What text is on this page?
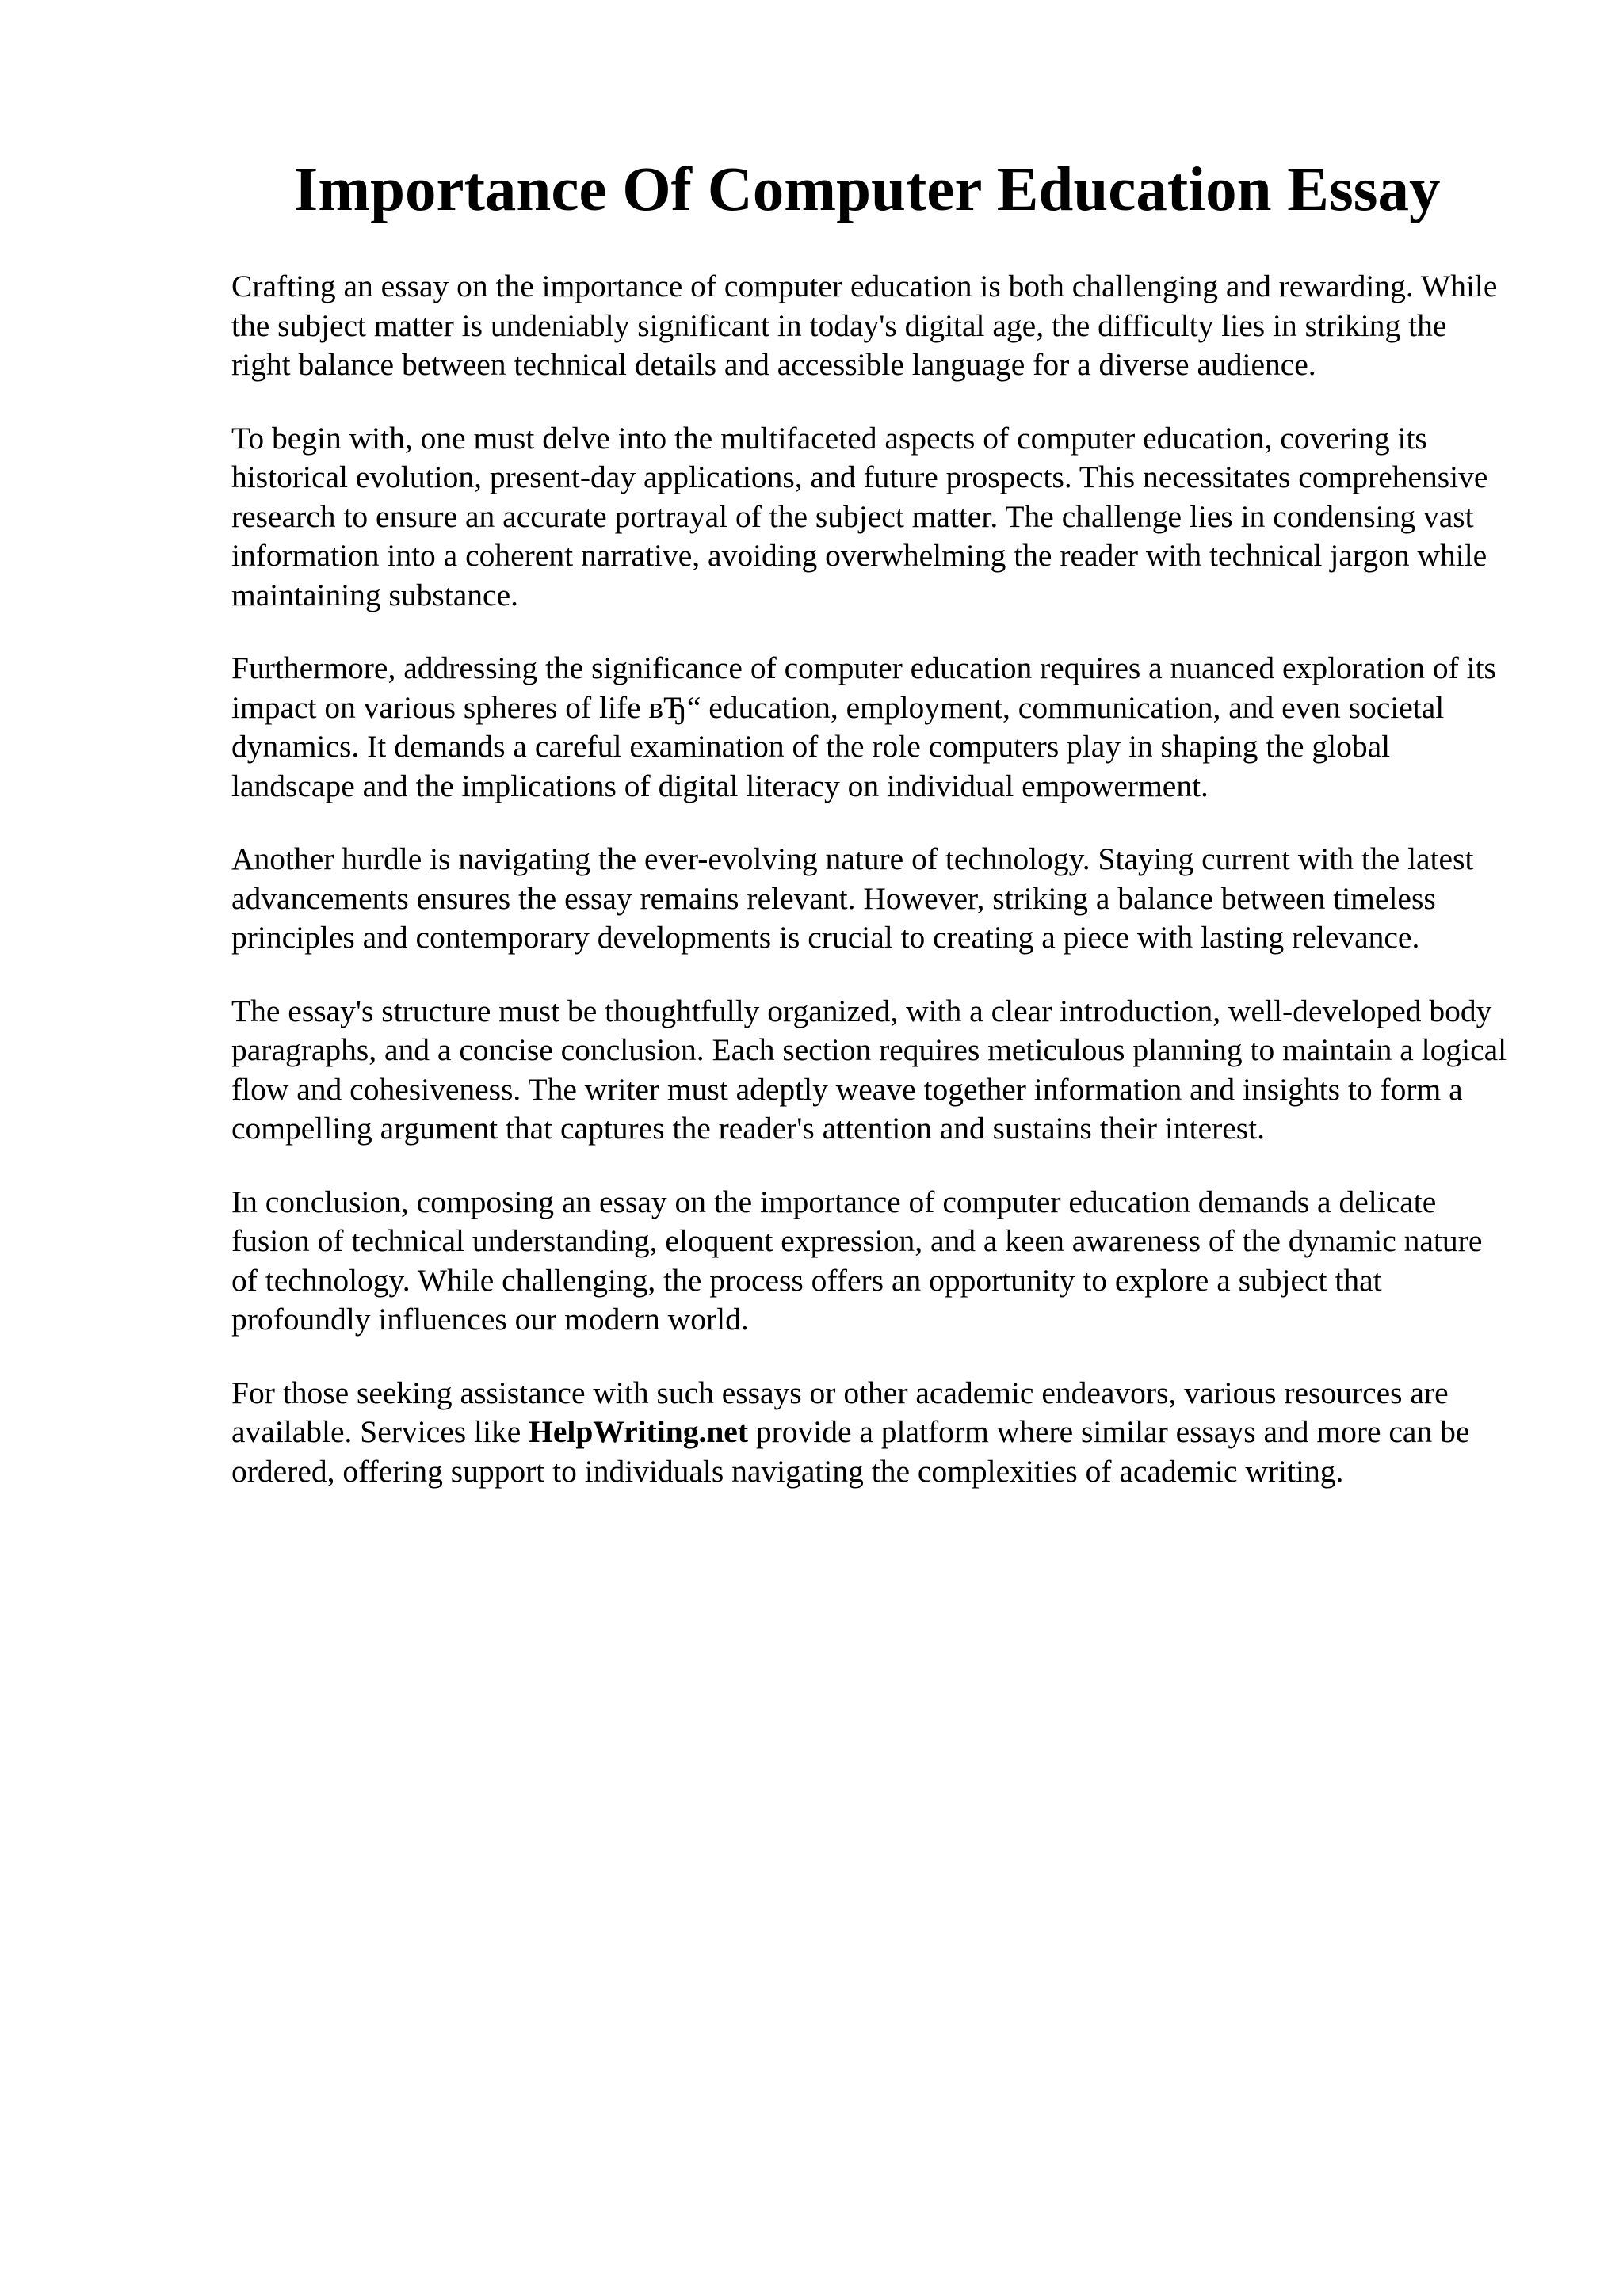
Importance Of Computer Education Essay

Crafting an essay on the importance of computer education is both challenging and rewarding. While the subject matter is undeniably significant in today's digital age, the difficulty lies in striking the right balance between technical details and accessible language for a diverse audience.

To begin with, one must delve into the multifaceted aspects of computer education, covering its historical evolution, present-day applications, and future prospects. This necessitates comprehensive research to ensure an accurate portrayal of the subject matter. The challenge lies in condensing vast information into a coherent narrative, avoiding overwhelming the reader with technical jargon while maintaining substance.

Furthermore, addressing the significance of computer education requires a nuanced exploration of its impact on various spheres of life вЂ“ education, employment, communication, and even societal dynamics. It demands a careful examination of the role computers play in shaping the global landscape and the implications of digital literacy on individual empowerment.

Another hurdle is navigating the ever-evolving nature of technology. Staying current with the latest advancements ensures the essay remains relevant. However, striking a balance between timeless principles and contemporary developments is crucial to creating a piece with lasting relevance.

The essay's structure must be thoughtfully organized, with a clear introduction, well-developed body paragraphs, and a concise conclusion. Each section requires meticulous planning to maintain a logical flow and cohesiveness. The writer must adeptly weave together information and insights to form a compelling argument that captures the reader's attention and sustains their interest.

In conclusion, composing an essay on the importance of computer education demands a delicate fusion of technical understanding, eloquent expression, and a keen awareness of the dynamic nature of technology. While challenging, the process offers an opportunity to explore a subject that profoundly influences our modern world.

For those seeking assistance with such essays or other academic endeavors, various resources are available. Services like HelpWriting.net provide a platform where similar essays and more can be ordered, offering support to individuals navigating the complexities of academic writing.
